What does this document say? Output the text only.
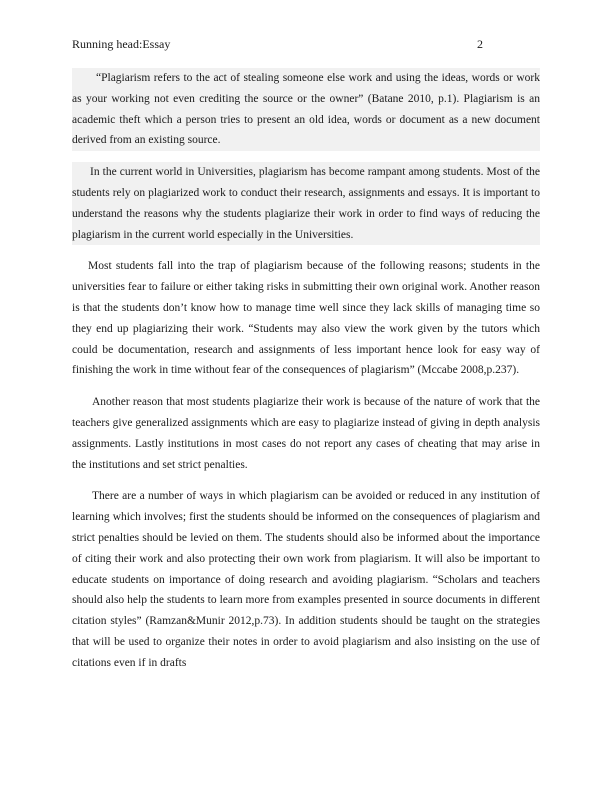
Running head:Essay	2

“Plagiarism refers to the act of stealing someone else work and using the ideas, words or work as your working not even crediting the source or the owner” (Batane 2010, p.1). Plagiarism is an academic theft which a person tries to present an old idea, words or document as a new document derived from an existing source.

In the current world in Universities, plagiarism has become rampant among students. Most of the students rely on plagiarized work to conduct their research, assignments and essays. It is important to understand the reasons why the students plagiarize their work in order to find ways of reducing the plagiarism in the current world especially in the Universities.

Most students fall into the trap of plagiarism because of the following reasons; students in the universities fear to failure or either taking risks in submitting their own original work. Another reason is that the students don’t know how to manage time well since they lack skills of managing time so they end up plagiarizing their work. “Students may also view the work given by the tutors which could be documentation, research and assignments of less important hence look for easy way of finishing the work in time without fear of the consequences of plagiarism” (Mccabe 2008,p.237).

Another reason that most students plagiarize their work is because of the nature of work that the teachers give generalized assignments which are easy to plagiarize instead of giving in depth analysis assignments. Lastly institutions in most cases do not report any cases of cheating that may arise in the institutions and set strict penalties.

There are a number of ways in which plagiarism can be avoided or reduced in any institution of learning which involves; first the students should be informed on the consequences of plagiarism and strict penalties should be levied on them. The students should also be informed about the importance of citing their work and also protecting their own work from plagiarism. It will also be important to educate students on importance of doing research and avoiding plagiarism. “Scholars and teachers should also help the students to learn more from examples presented in source documents in different citation styles” (Ramzan&Munir 2012,p.73). In addition students should be taught on the strategies that will be used to organize their notes in order to avoid plagiarism and also insisting on the use of citations even if in drafts
